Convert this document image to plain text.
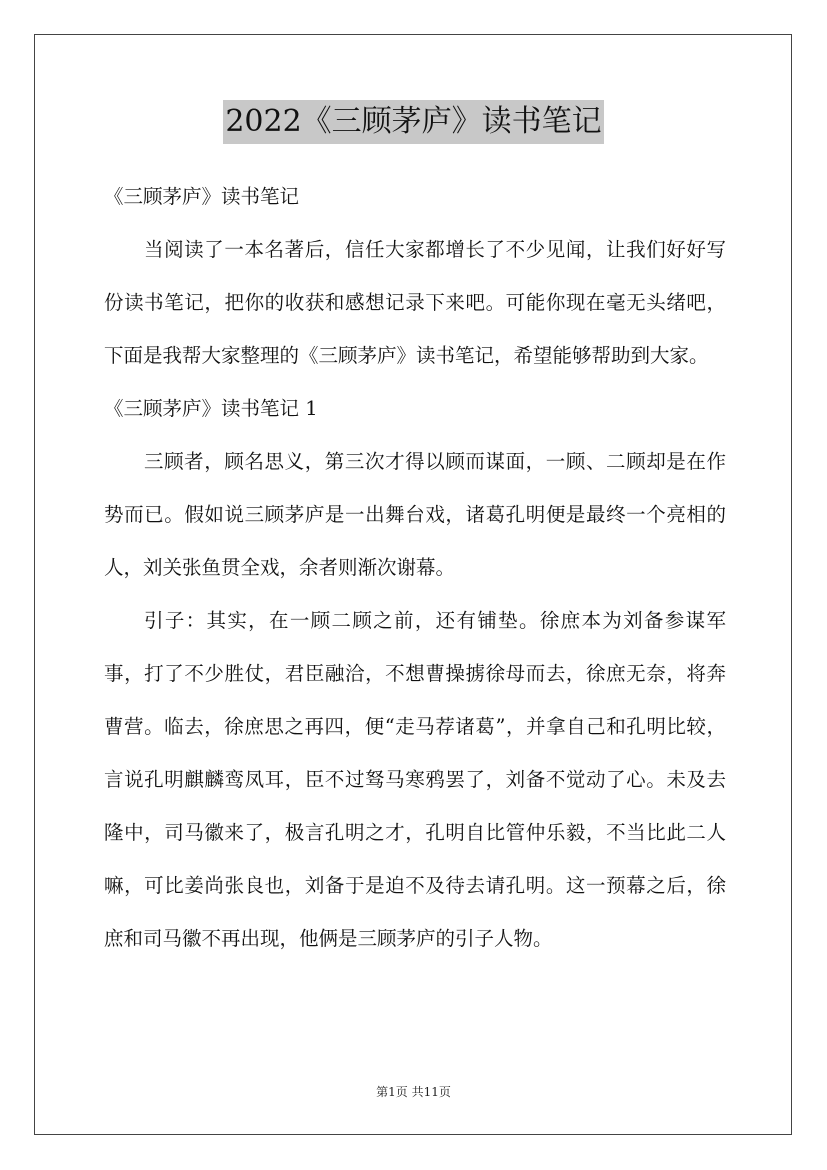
2022《三顾茅庐》读书笔记

《三顾茅庐》读书笔记

当阅读了一本名著后，信任大家都增长了不少见闻，让我们好好写份读书笔记，把你的收获和感想记录下来吧。可能你现在毫无头绪吧，下面是我帮大家整理的《三顾茅庐》读书笔记，希望能够帮助到大家。

《三顾茅庐》读书笔记 1

三顾者，顾名思义，第三次才得以顾而谋面，一顾、二顾却是在作势而已。假如说三顾茅庐是一出舞台戏，诸葛孔明便是最终一个亮相的人，刘关张鱼贯全戏，余者则渐次谢幕。

引子：其实，在一顾二顾之前，还有铺垫。徐庶本为刘备参谋军事，打了不少胜仗，君臣融洽，不想曹操掳徐母而去，徐庶无奈，将奔曹营。临去，徐庶思之再四，便“走马荐诸葛”，并拿自己和孔明比较，言说孔明麒麟鸾凤耳，臣不过驽马寒鸦罢了，刘备不觉动了心。未及去隆中，司马徽来了，极言孔明之才，孔明自比管仲乐毅，不当比此二人嘛，可比姜尚张良也，刘备于是迫不及待去请孔明。这一预幕之后，徐庶和司马徽不再出现，他俩是三顾茅庐的引子人物。

第1页 共11页
